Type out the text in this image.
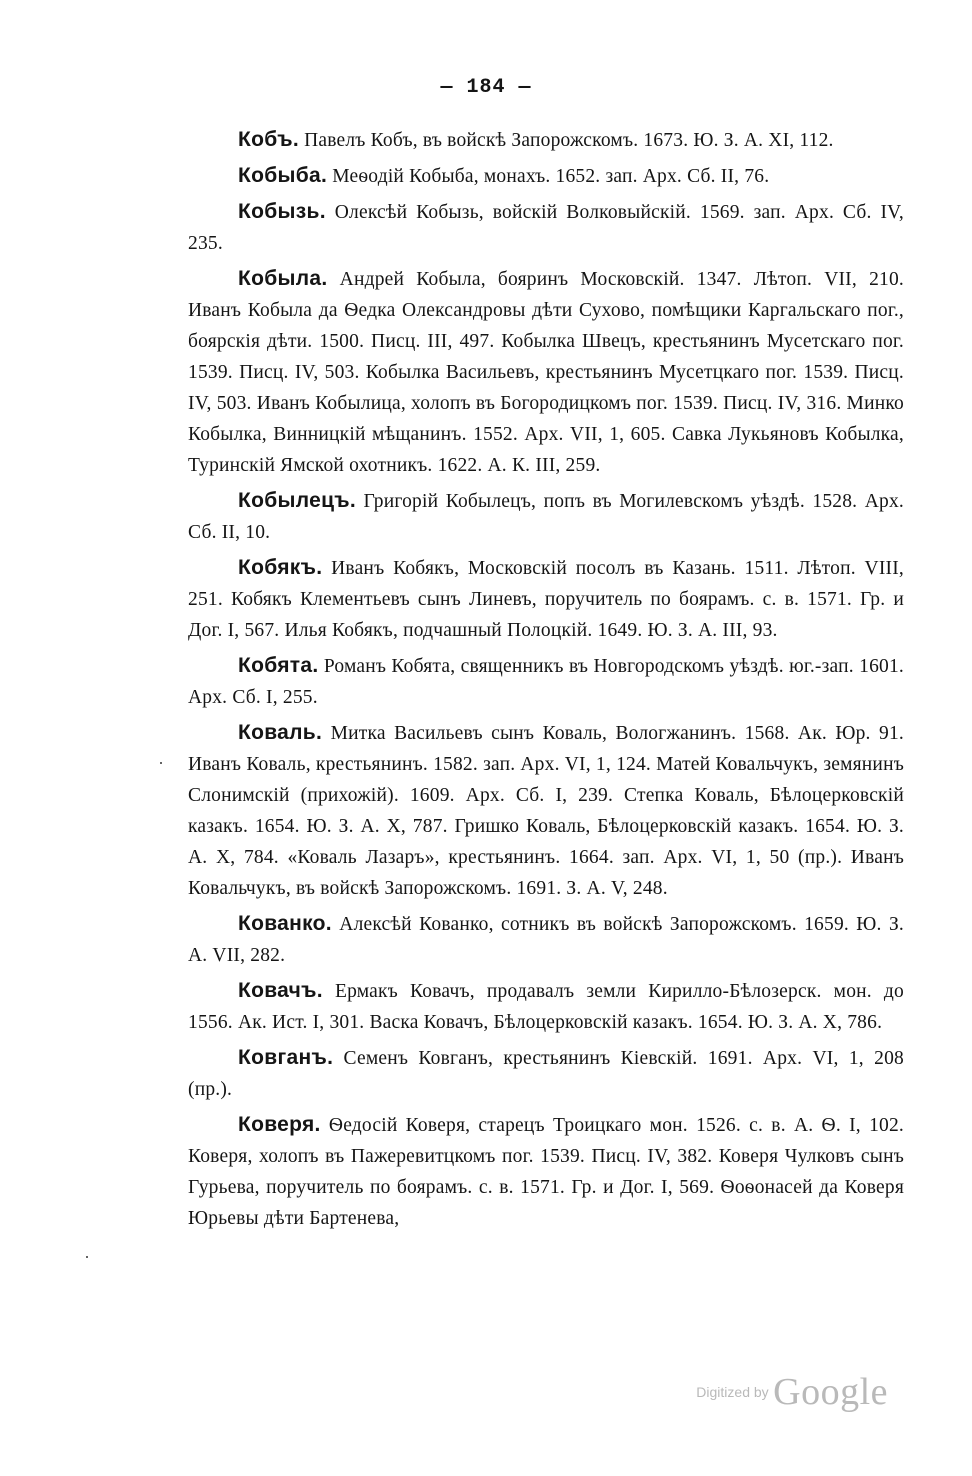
— 184 —

Кобъ. Павелъ Кобъ, въ войскѣ Запорожскомъ. 1673. Ю. З. А. XI, 112.

Кобыба. Меѳодій Кобыба, монахъ. 1652. зап. Арх. Сб. II, 76.

Кобызь. Олексѣй Кобызь, войскій Волковыйскій. 1569. зап. Арх. Сб. IV, 235.

Кобыла. Андрей Кобыла, бояринъ Московскій. 1347. Лѣтоп. VII, 210. Иванъ Кобыла да Ѳедка Олександровы дѣти Сухово, помѣщики Каргальскаго пог., боярскія дѣти. 1500. Писц. III, 497. Кобылка Швецъ, крестьянинъ Мусетскаго пог. 1539. Писц. IV, 503. Кобылка Васильевъ, крестьянинъ Мусетцкаго пог. 1539. Писц. IV, 503. Иванъ Кобылица, холопъ въ Богородицкомъ пог. 1539. Писц. IV, 316. Минко Кобылка, Винницкій мѣщанинъ. 1552. Арх. VII, 1, 605. Савка Лукьяновъ Кобылка, Туринскій Ямской охотникъ. 1622. А. К. III, 259.

Кобылецъ. Григорій Кобылецъ, попъ въ Могилевскомъ уѣздѣ. 1528. Арх. Сб. II, 10.

Кобякъ. Иванъ Кобякъ, Московскій посолъ въ Казань. 1511. Лѣтоп. VIII, 251. Кобякъ Клементьевъ сынъ Линевъ, поручитель по боярамъ. с. в. 1571. Гр. и Дог. I, 567. Илья Кобякъ, подчашный Полоцкій. 1649. Ю. З. А. III, 93.

Кобята. Романъ Кобята, священникъ въ Новгородскомъ уѣздѣ. юг.-зап. 1601. Арх. Сб. I, 255.

Коваль. Митка Васильевъ сынъ Коваль, Вологжанинъ. 1568. Ак. Юр. 91. Иванъ Коваль, крестьянинъ. 1582. зап. Арх. VI, 1, 124. Матей Ковальчукъ, земянинъ Слонимскій (прихожій). 1609. Арх. Сб. I, 239. Степка Коваль, Бѣлоцерковскій казакъ. 1654. Ю. З. А. X, 787. Гришко Коваль, Бѣлоцерковскій казакъ. 1654. Ю. З. А. X, 784. «Коваль Лазаръ», крестьянинъ. 1664. зап. Арх. VI, 1, 50 (пр.). Иванъ Ковальчукъ, въ войскѣ Запорожскомъ. 1691. З. А. V, 248.

Кованко. Алексѣй Кованко, сотникъ въ войскѣ Запорожскомъ. 1659. Ю. З. А. VII, 282.

Ковачъ. Ермакъ Ковачъ, продавалъ земли Кирилло-Бѣлозерск. мон. до 1556. Ак. Ист. I, 301. Васка Ковачъ, Бѣлоцерковскій казакъ. 1654. Ю. З. А. X, 786.

Ковганъ. Семенъ Ковганъ, крестьянинъ Кіевскій. 1691. Арх. VI, 1, 208 (пр.).

Коверя. Ѳедосій Коверя, старецъ Троицкаго мон. 1526. с. в. А. Ѳ. I, 102. Коверя, холопъ въ Пажеревитцкомъ пог. 1539. Писц. IV, 382. Коверя Чулковъ сынъ Гурьева, поручитель по боярамъ. с. в. 1571. Гр. и Дог. I, 569. Ѳоѳонасей да Коверя Юрьевы дѣти Бартенева,

Digitized by Google
